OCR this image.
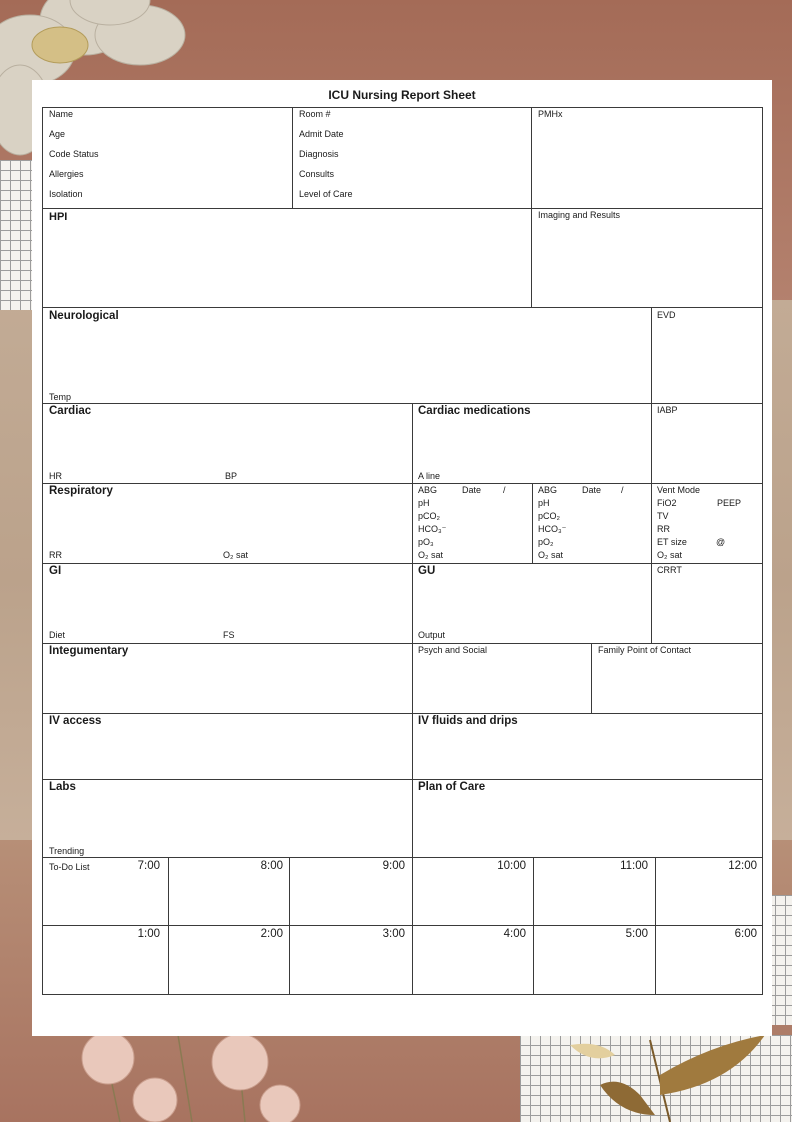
ICU Nursing Report Sheet
Name
Age
Code Status
Allergies
Isolation
Room #
Admit Date
Diagnosis
Consults
Level of Care
PMHx
HPI	Imaging and Results
Neurological
Temp
EVD
Cardiac
HR	BP
Cardiac medications
A line
IABP
Respiratory
RR	O₂ sat
ABG	Date /
pH
pCO₂
HCO₃⁻
pO₃
O₂ sat
ABG	Date /
pH
pCO₂
HCO₃⁻
pO₂
O₂ sat
Vent Mode
FiO2	PEEP
TV
RR
ET size	@
O₂ sat
GI
Diet	FS
GU
Output
CRRT
Integumentary	Psych and Social	Family Point of Contact
IV access	IV fluids and drips
Labs
Trending
Plan of Care
To-Do List	7:00	8:00	9:00	10:00	11:00	12:00
1:00	2:00	3:00	4:00	5:00	6:00
